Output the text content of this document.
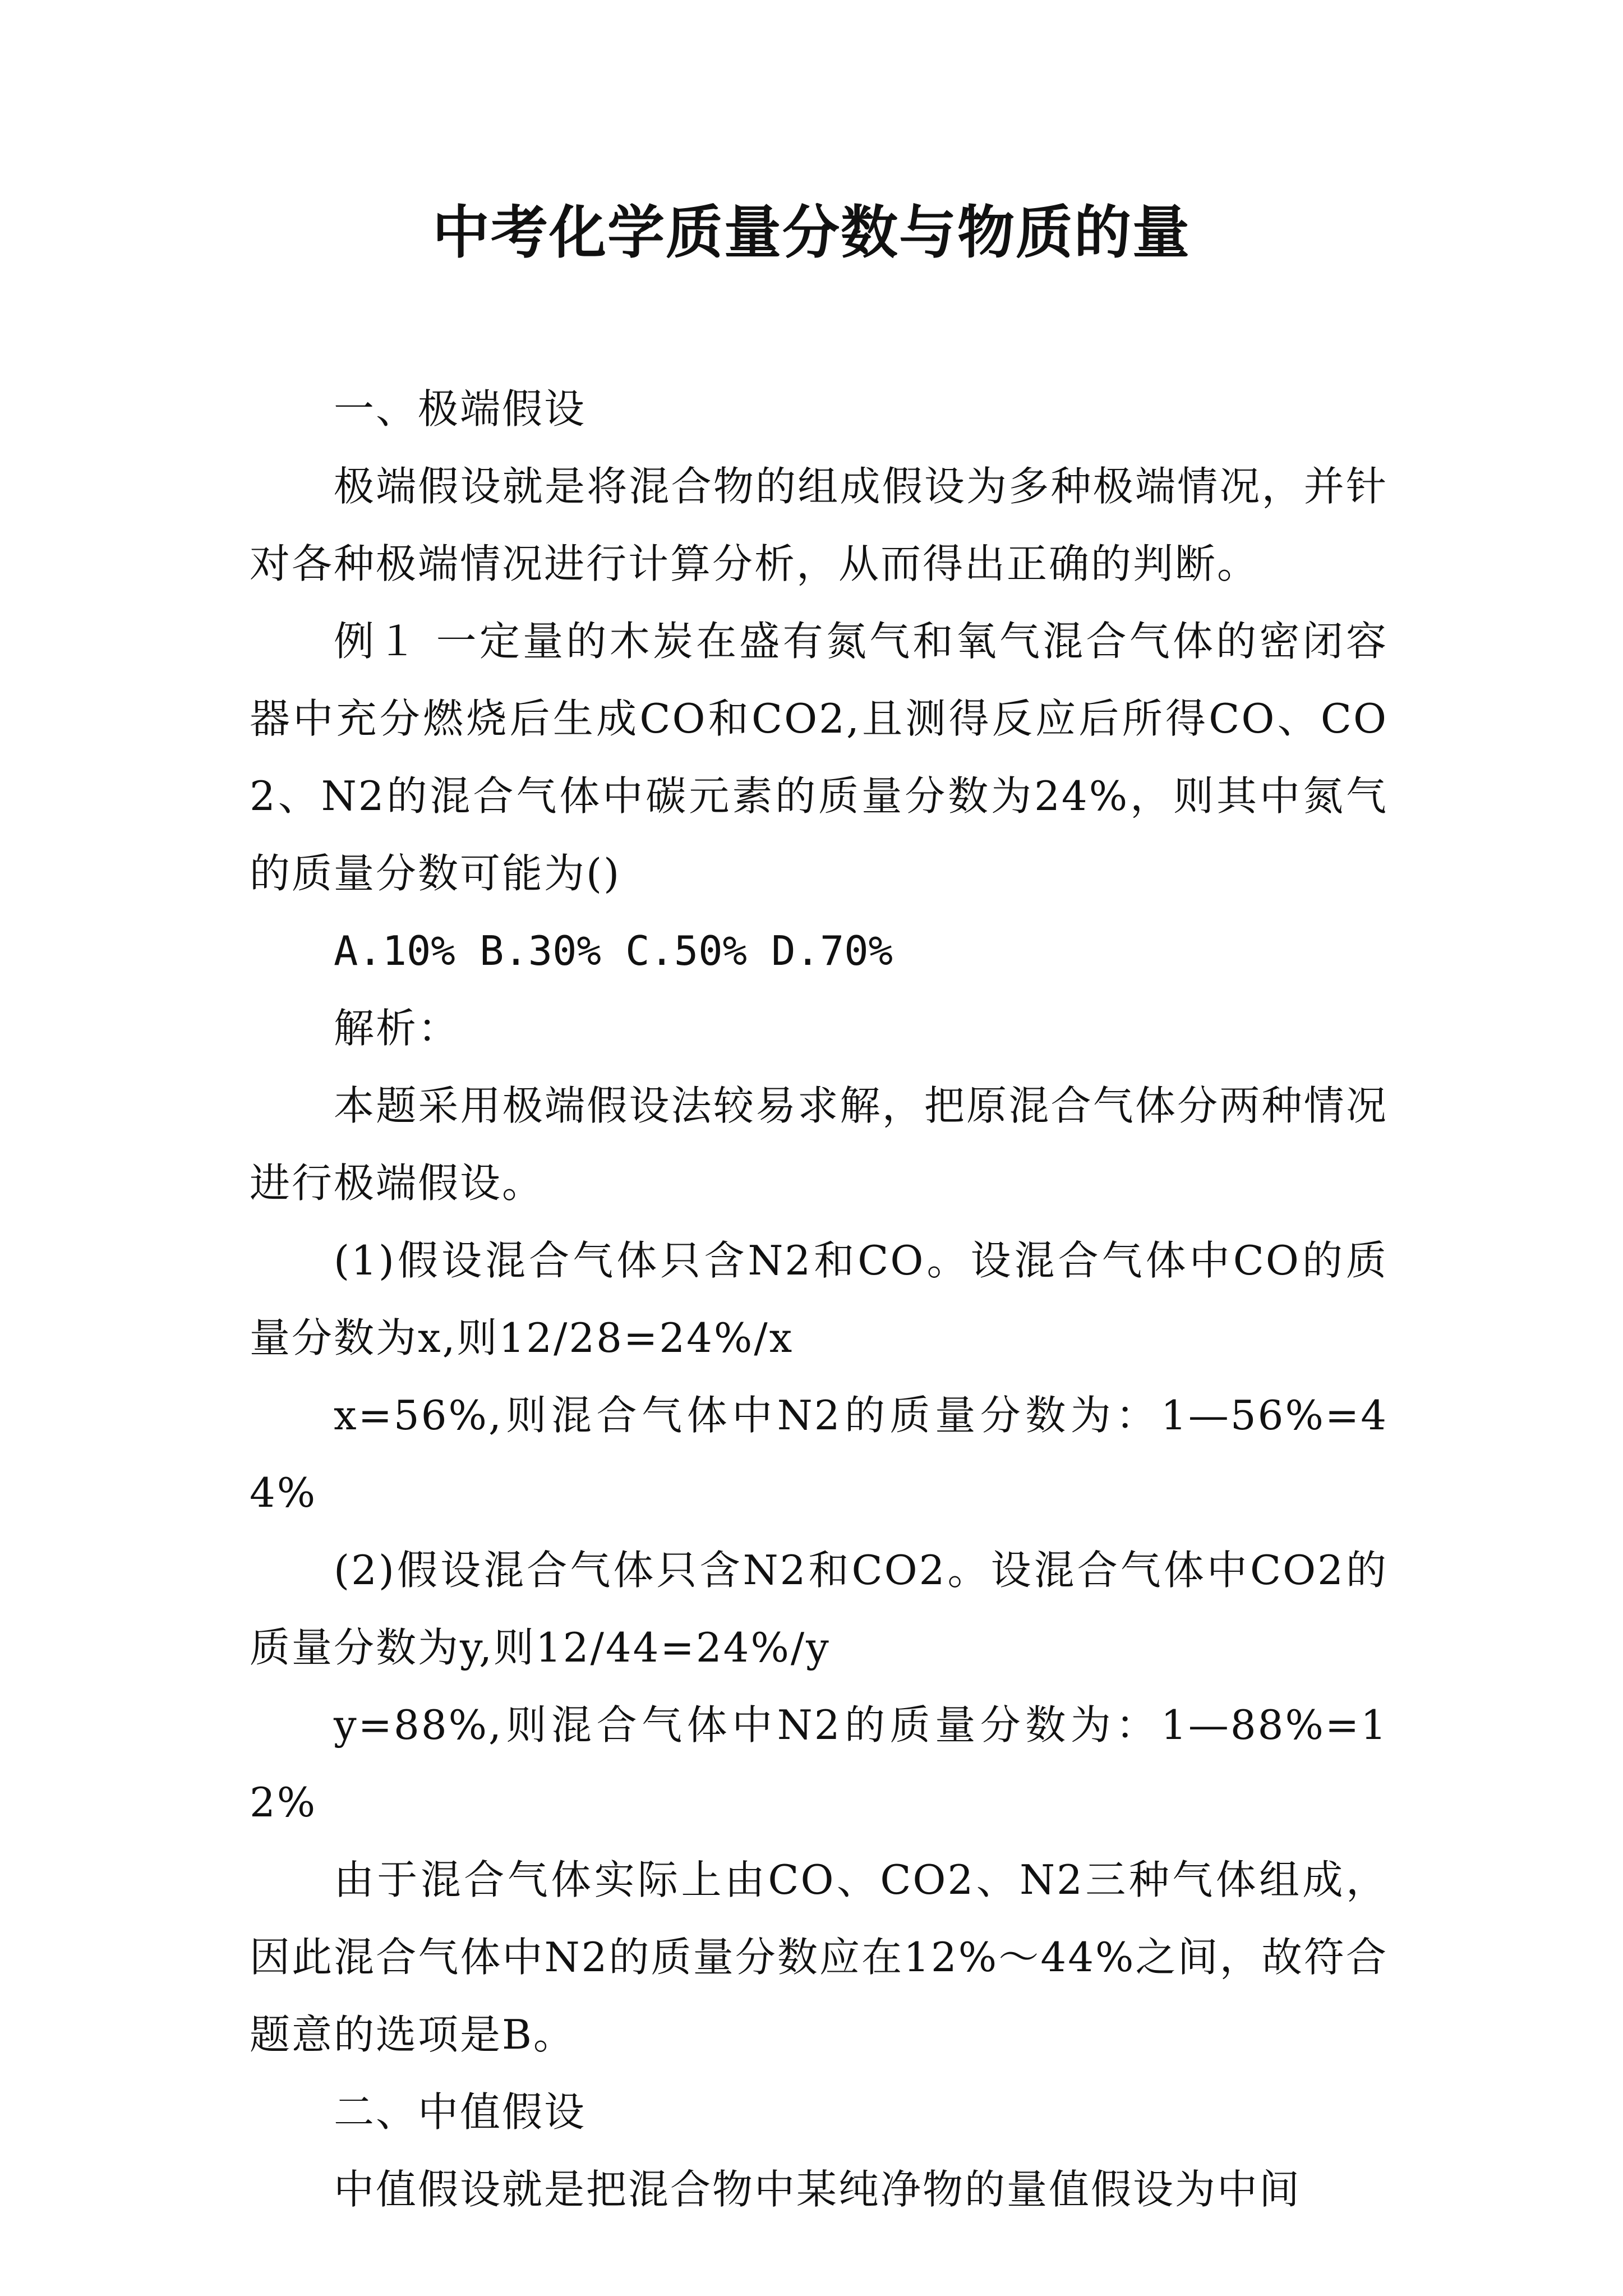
中考化学质量分数与物质的量

一、极端假设

极端假设就是将混合物的组成假设为多种极端情况，并针对各种极端情况进行计算分析，从而得出正确的判断。

例１ 一定量的木炭在盛有氮气和氧气混合气体的密闭容器中充分燃烧后生成CO和CO2,且测得反应后所得CO、CO2、N2的混合气体中碳元素的质量分数为24%，则其中氮气的质量分数可能为()

A.10% B.30% C.50% D.70%

解析：

本题采用极端假设法较易求解，把原混合气体分两种情况进行极端假设。

(1)假设混合气体只含N2和CO。设混合气体中CO的质量分数为x,则12/28=24%/x

x=56%,则混合气体中N2的质量分数为：1—56%=44%

(2)假设混合气体只含N2和CO2。设混合气体中CO2的质量分数为y,则12/44=24%/y

y=88%,则混合气体中N2的质量分数为：1—88%=12%

由于混合气体实际上由CO、CO2、N2三种气体组成，因此混合气体中N2的质量分数应在12%～44%之间，故符合题意的选项是B。

二、中值假设

中值假设就是把混合物中某纯净物的量值假设为中间
